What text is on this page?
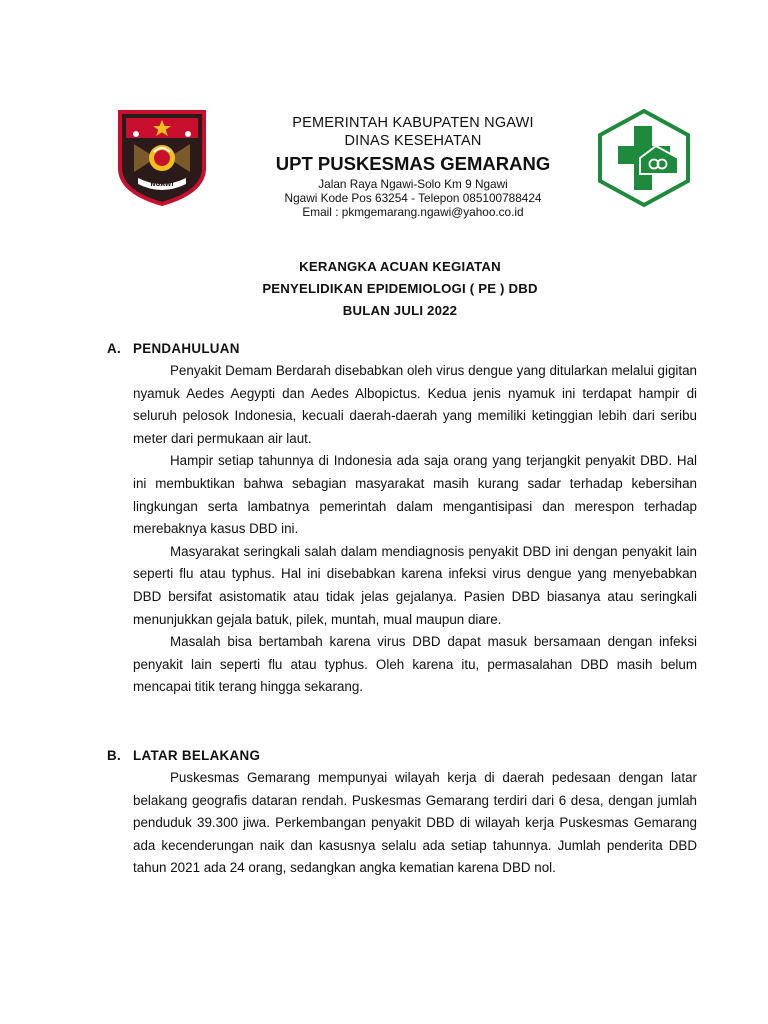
NGAWI
PEMERINTAH KABUPATEN NGAWI
DINAS KESEHATAN
UPT PUSKESMAS GEMARANG
Jalan Raya Ngawi-Solo Km 9 Ngawi
Ngawi Kode Pos 63254 - Telepon 085100788424
Email : pkmgemarang.ngawi@yahoo.co.id
KERANGKA ACUAN KEGIATAN
PENYELIDIKAN EPIDEMIOLOGI ( PE ) DBD
BULAN JULI 2022
A. PENDAHULUAN

Penyakit Demam Berdarah disebabkan oleh virus dengue yang ditularkan melalui gigitan nyamuk Aedes Aegypti dan Aedes Albopictus. Kedua jenis nyamuk ini terdapat hampir di seluruh pelosok Indonesia, kecuali daerah-daerah yang memiliki ketinggian lebih dari seribu meter dari permukaan air laut.

Hampir setiap tahunnya di Indonesia ada saja orang yang terjangkit penyakit DBD. Hal ini membuktikan bahwa sebagian masyarakat masih kurang sadar terhadap kebersihan lingkungan serta lambatnya pemerintah dalam mengantisipasi dan merespon terhadap merebaknya kasus DBD ini.

Masyarakat seringkali salah dalam mendiagnosis penyakit DBD ini dengan penyakit lain seperti flu atau typhus. Hal ini disebabkan karena infeksi virus dengue yang menyebabkan DBD bersifat asistomatik atau tidak jelas gejalanya. Pasien DBD biasanya atau seringkali menunjukkan gejala batuk, pilek, muntah, mual maupun diare.

Masalah bisa bertambah karena virus DBD dapat masuk bersamaan dengan infeksi penyakit lain seperti flu atau typhus. Oleh karena itu, permasalahan DBD masih belum mencapai titik terang hingga sekarang.

B. LATAR BELAKANG

Puskesmas Gemarang mempunyai wilayah kerja di daerah pedesaan dengan latar belakang geografis dataran rendah. Puskesmas Gemarang terdiri dari 6 desa, dengan jumlah penduduk 39.300 jiwa. Perkembangan penyakit DBD di wilayah kerja Puskesmas Gemarang ada kecenderungan naik dan kasusnya selalu ada setiap tahunnya. Jumlah penderita DBD tahun 2021 ada 24 orang, sedangkan angka kematian karena DBD nol.
